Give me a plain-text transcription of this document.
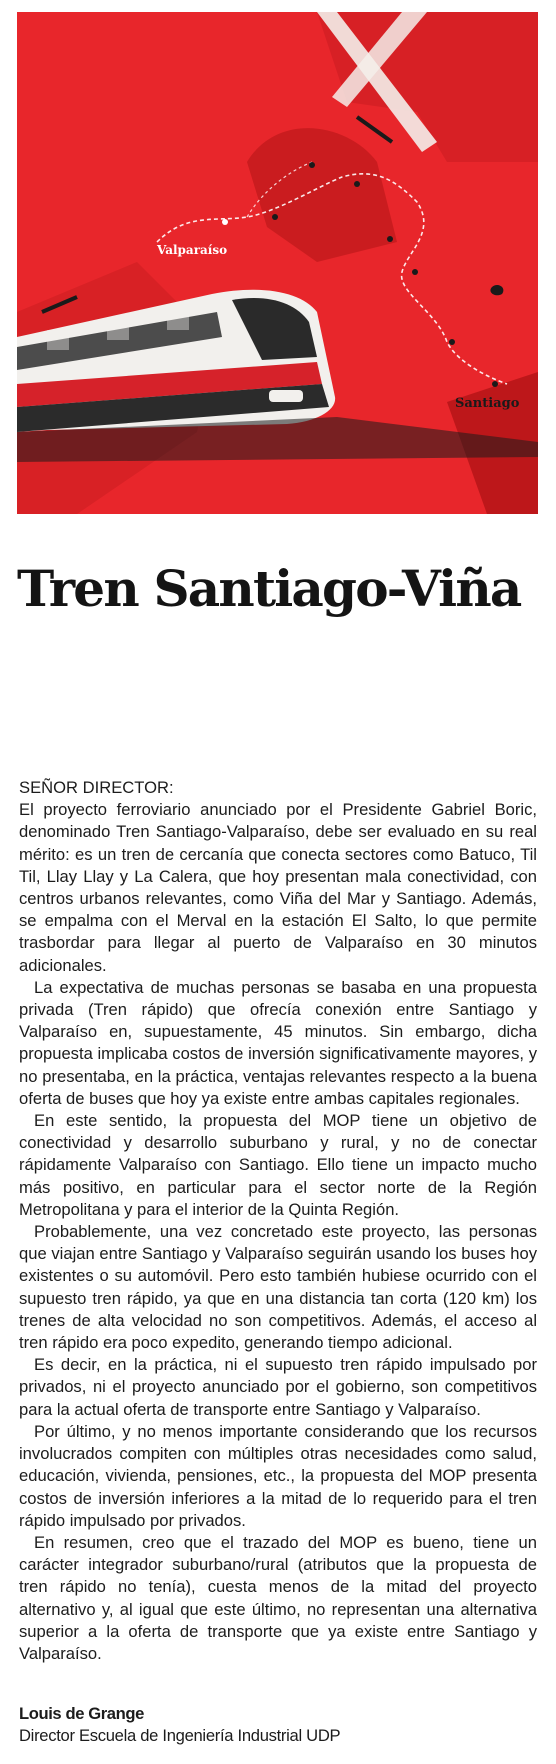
Valparaíso
Santiago
Tren Santiago-Viña

SEÑOR DIRECTOR:

El proyecto ferroviario anunciado por el Presidente Gabriel Boric, denominado Tren Santiago-Valparaíso, debe ser evaluado en su real mérito: es un tren de cercanía que conecta sectores como Batuco, Til Til, Llay Llay y La Calera, que hoy presentan mala conectividad, con centros urbanos relevantes, como Viña del Mar y Santiago. Además, se empalma con el Merval en la estación El Salto, lo que permite trasbordar para llegar al puerto de Valparaíso en 30 minutos adicionales.

La expectativa de muchas personas se basaba en una propuesta privada (Tren rápido) que ofrecía conexión entre Santiago y Valparaíso en, supuestamente, 45 minutos. Sin embargo, dicha propuesta implicaba costos de inversión significativamente mayores, y no presentaba, en la práctica, ventajas relevantes respecto a la buena oferta de buses que hoy ya existe entre ambas capitales regionales.

En este sentido, la propuesta del MOP tiene un objetivo de conectividad y desarrollo suburbano y rural, y no de conectar rápidamente Valparaíso con Santiago. Ello tiene un impacto mucho más positivo, en particular para el sector norte de la Región Metropolitana y para el interior de la Quinta Región.

Probablemente, una vez concretado este proyecto, las personas que viajan entre Santiago y Valparaíso seguirán usando los buses hoy existentes o su automóvil. Pero esto también hubiese ocurrido con el supuesto tren rápido, ya que en una distancia tan corta (120 km) los trenes de alta velocidad no son competitivos. Además, el acceso al tren rápido era poco expedito, generando tiempo adicional.

Es decir, en la práctica, ni el supuesto tren rápido impulsado por privados, ni el proyecto anunciado por el gobierno, son competitivos para la actual oferta de transporte entre Santiago y Valparaíso.

Por último, y no menos importante considerando que los recursos involucrados compiten con múltiples otras necesidades como salud, educación, vivienda, pensiones, etc., la propuesta del MOP presenta costos de inversión inferiores a la mitad de lo requerido para el tren rápido impulsado por privados.

En resumen, creo que el trazado del MOP es bueno, tiene un carácter integrador suburbano/rural (atributos que la propuesta de tren rápido no tenía), cuesta menos de la mitad del proyecto alternativo y, al igual que este último, no representan una alternativa superior a la oferta de transporte que ya existe entre Santiago y Valparaíso.

Louis de Grange
Director Escuela de Ingeniería Industrial UDP
